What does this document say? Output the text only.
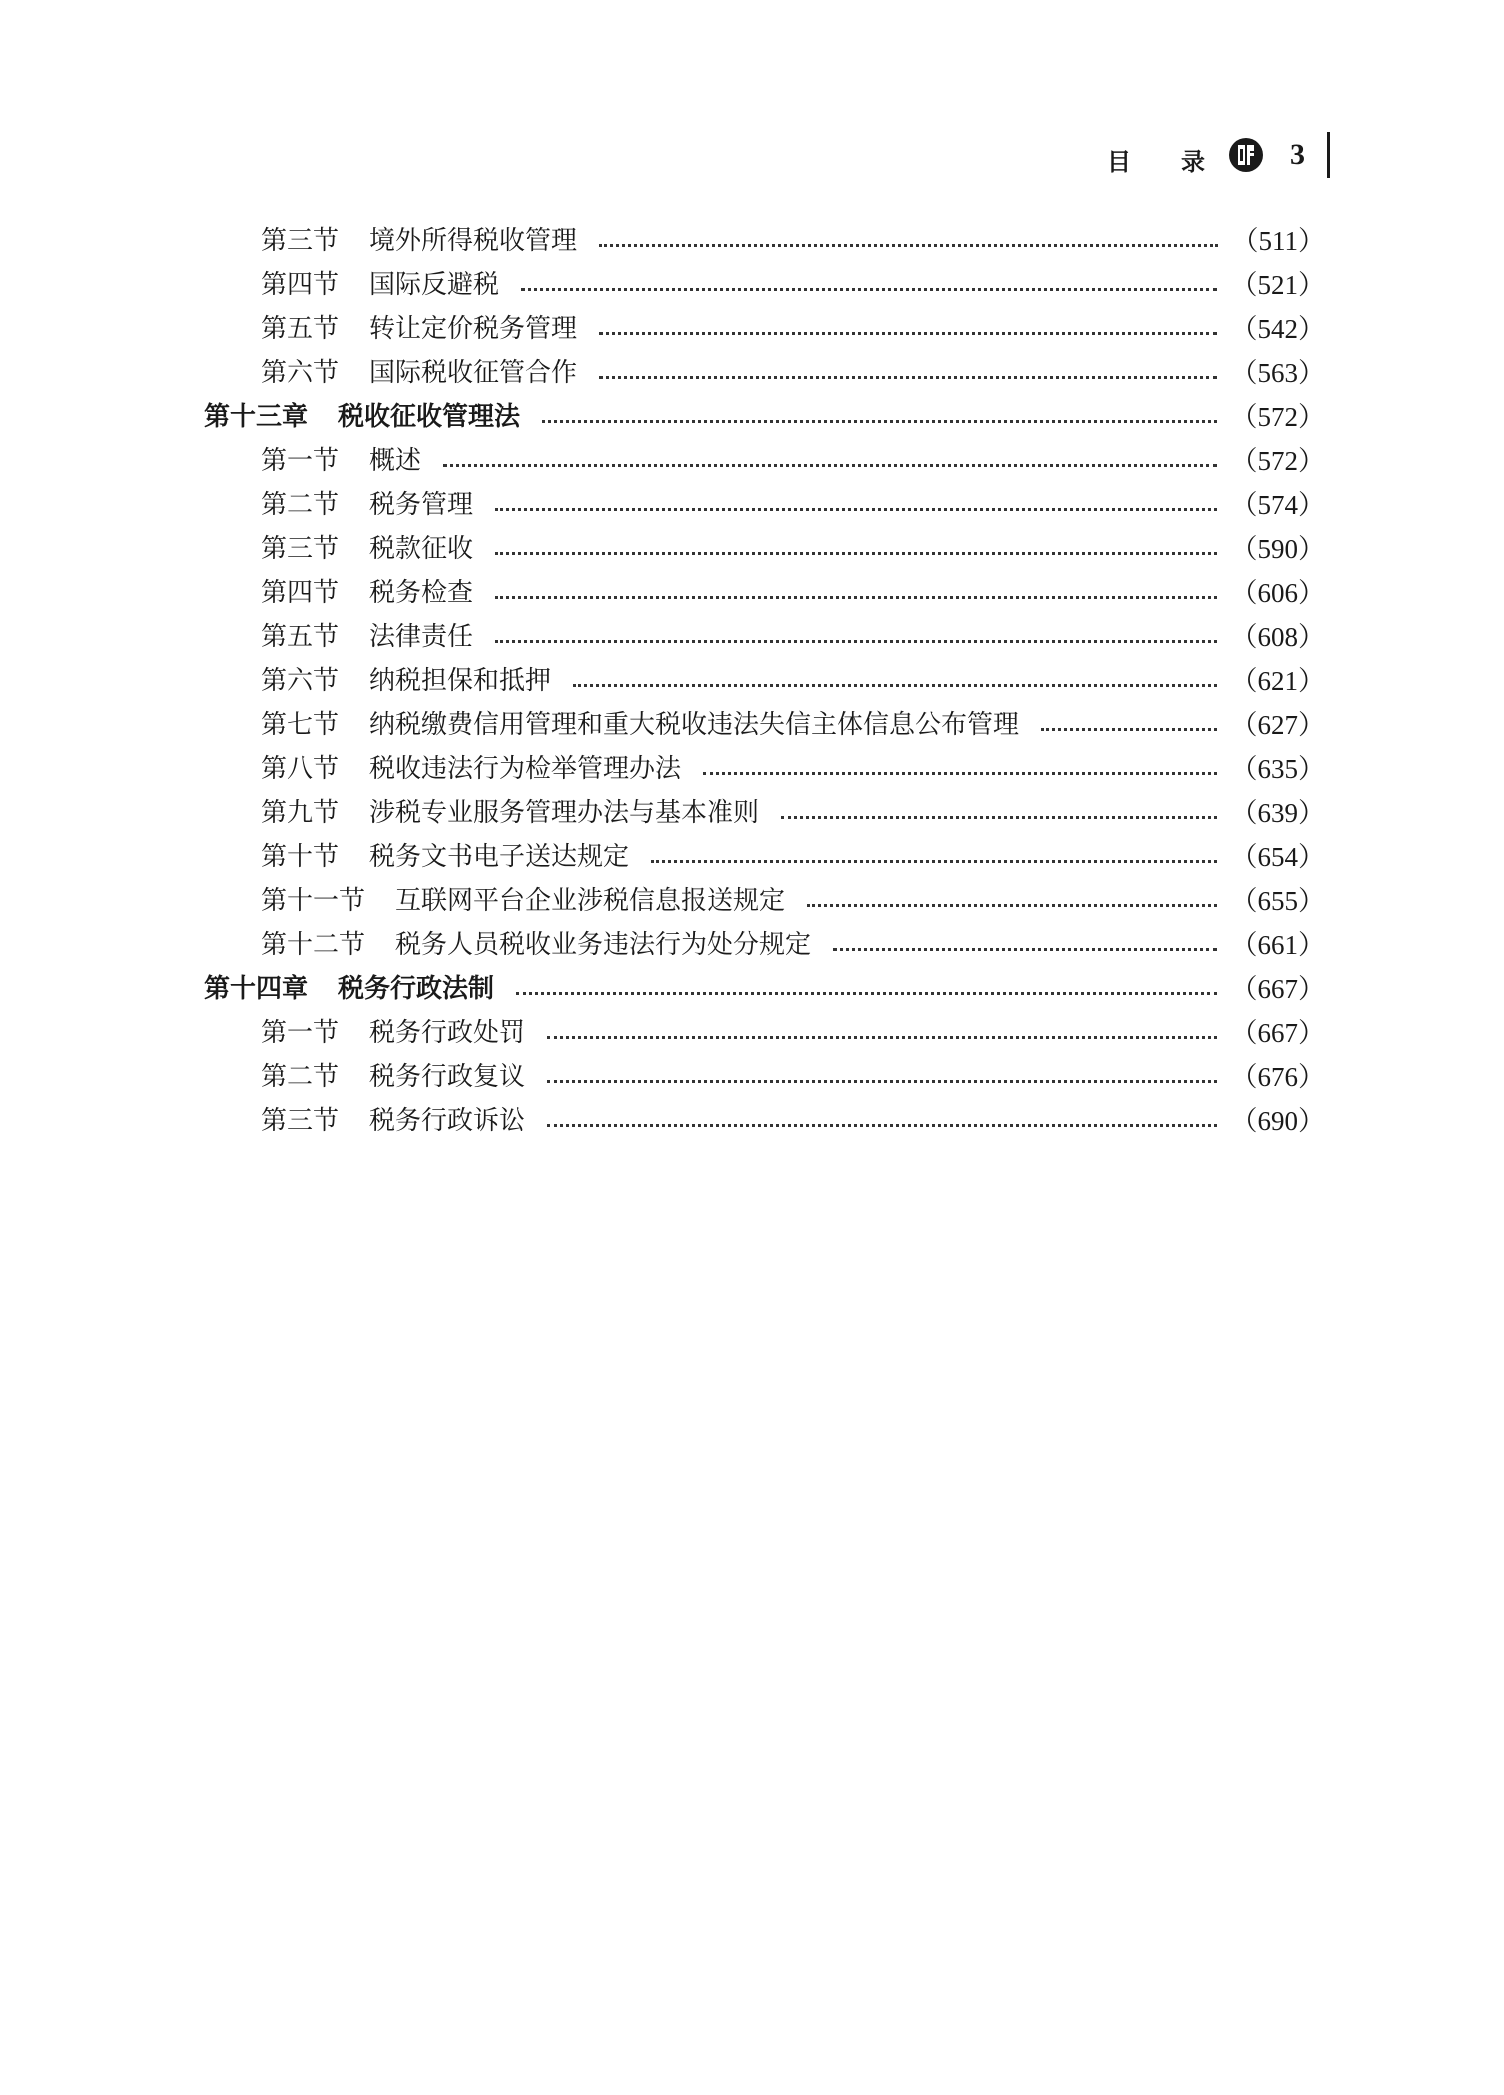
目 录	3
第三节 境外所得税收管理	（511）
第四节 国际反避税	（521）
第五节 转让定价税务管理	（542）
第六节 国际税收征管合作	（563）
第十三章 税收征收管理法	（572）
第一节 概述	（572）
第二节 税务管理	（574）
第三节 税款征收	（590）
第四节 税务检查	（606）
第五节 法律责任	（608）
第六节 纳税担保和抵押	（621）
第七节 纳税缴费信用管理和重大税收违法失信主体信息公布管理	（627）
第八节 税收违法行为检举管理办法	（635）
第九节 涉税专业服务管理办法与基本准则	（639）
第十节 税务文书电子送达规定	（654）
第十一节 互联网平台企业涉税信息报送规定	（655）
第十二节 税务人员税收业务违法行为处分规定	（661）
第十四章 税务行政法制	（667）
第一节 税务行政处罚	（667）
第二节 税务行政复议	（676）
第三节 税务行政诉讼	（690）
